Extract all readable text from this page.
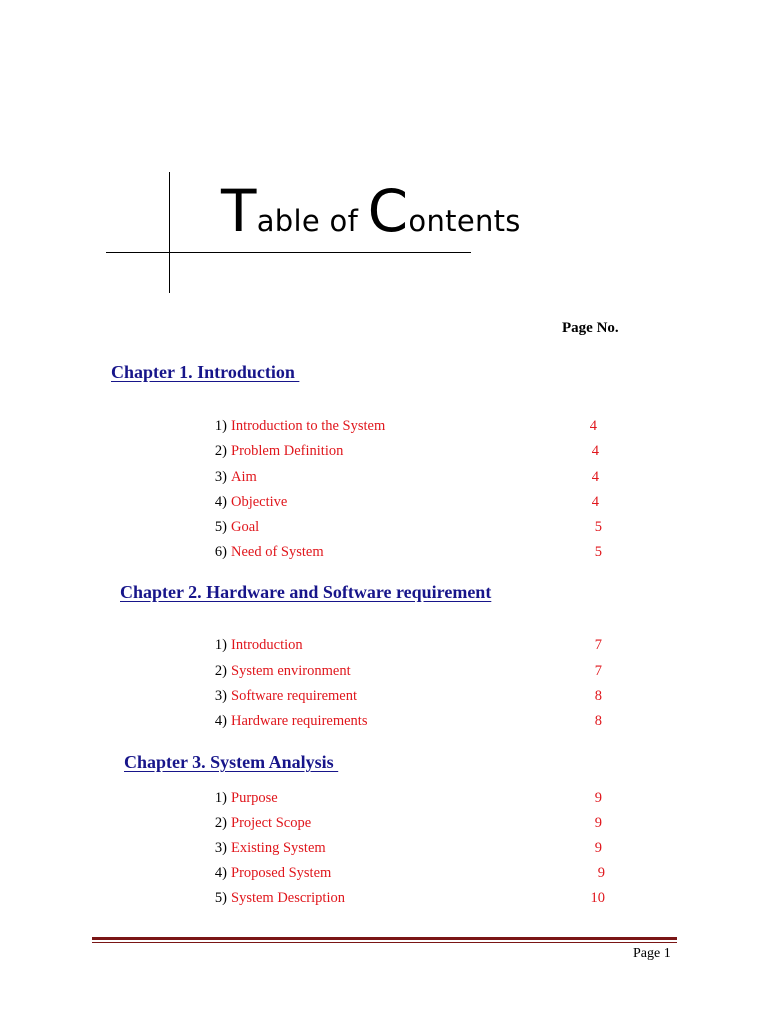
Table of Contents
Page No.
Chapter 1. Introduction
1) Introduction to the System	4
2) Problem Definition	4
3) Aim	4
4) Objective	4
5) Goal	5
6) Need of System	5
Chapter 2. Hardware and Software requirement
1) Introduction	7
2) System environment	7
3) Software requirement	8
4) Hardware requirements	8
Chapter 3. System Analysis
1) Purpose	9
2) Project Scope	9
3) Existing System	9
4) Proposed System	9
5) System Description	10
Page 1
